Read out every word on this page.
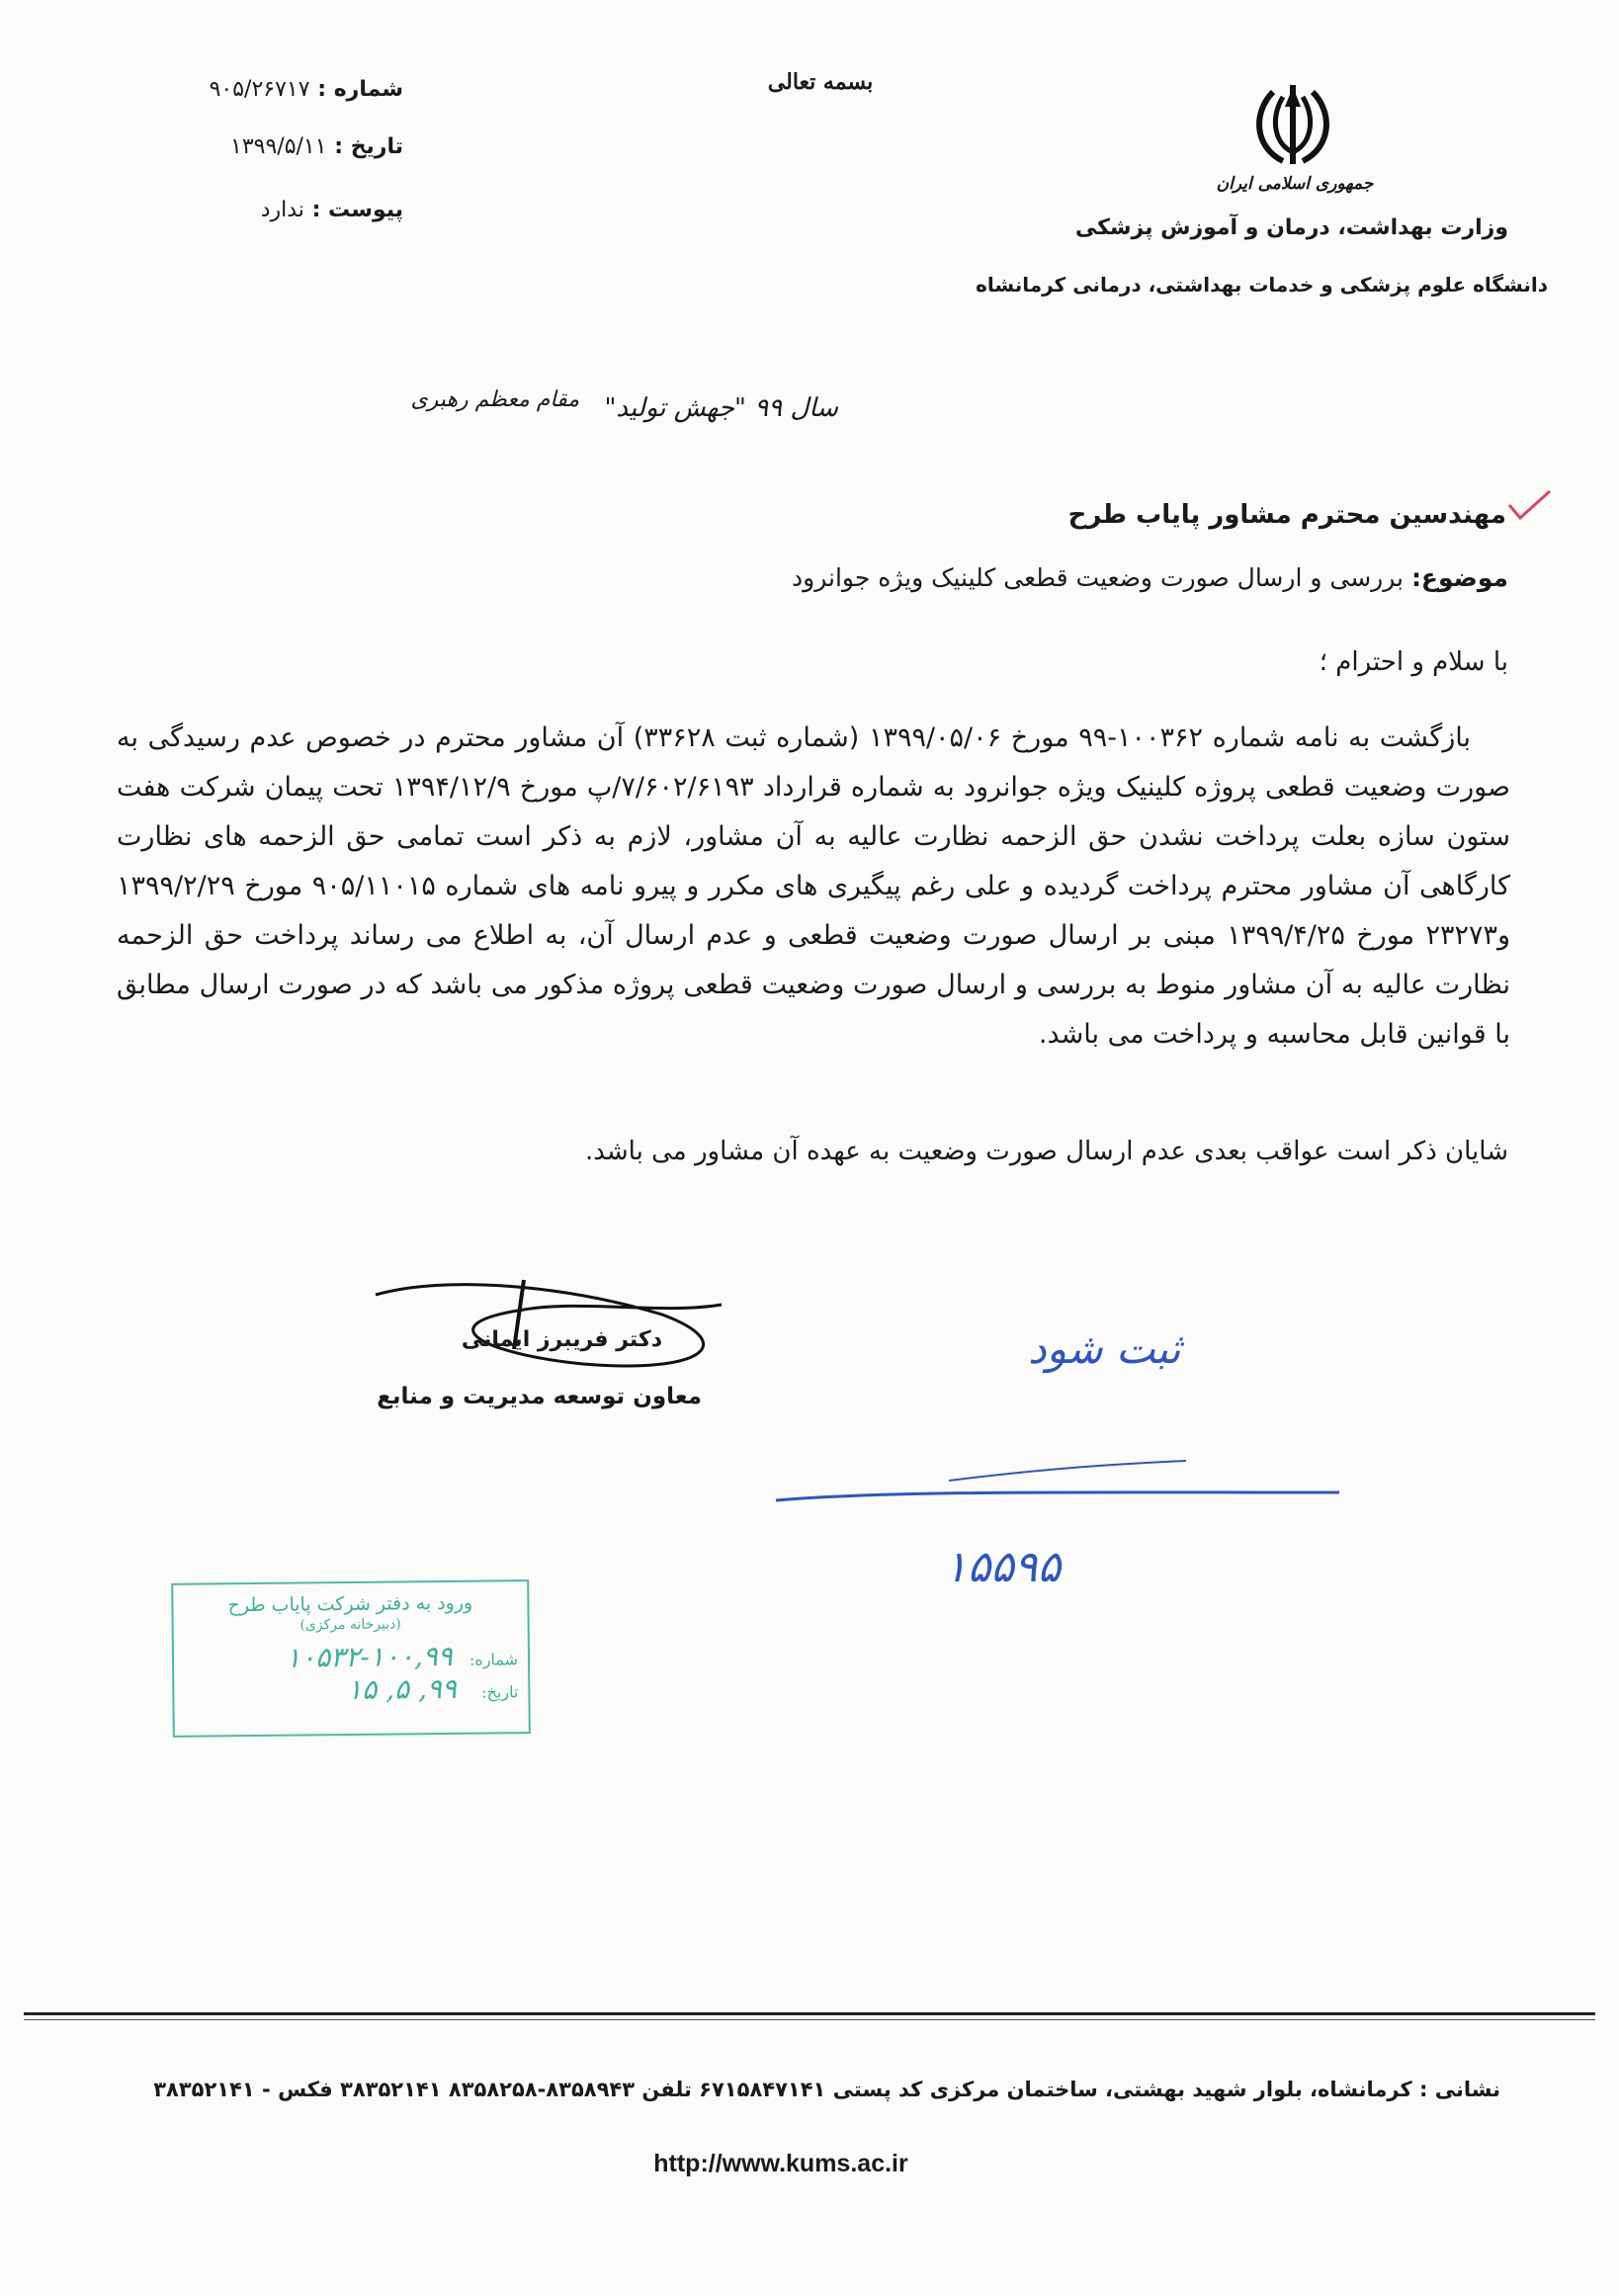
بسمه تعالی
شماره : ۹۰۵/۲۶۷۱۷
تاریخ : ۱۳۹۹/۵/۱۱
پیوست : ندارد
جمهوری اسلامی ایران
وزارت بهداشت، درمان و آموزش پزشکی
دانشگاه علوم پزشکی و خدمات بهداشتی، درمانی کرمانشاه
سال ۹۹ "جهش تولید"
مقام معظم رهبری
مهندسین محترم مشاور پایاب طرح
موضوع: بررسی و ارسال صورت وضعیت قطعی کلینیک ویژه جوانرود
با سلام و احترام ؛
بازگشت به نامه شماره ۱۰۰۳۶۲-۹۹ مورخ ۱۳۹۹/۰۵/۰۶ (شماره ثبت ۳۳۶۲۸) آن مشاور محترم در خصوص عدم رسیدگی به صورت وضعیت قطعی پروژه کلینیک ویژه جوانرود به شماره قرارداد ۷/۶۰۲/۶۱۹۳/پ مورخ ۱۳۹۴/۱۲/۹ تحت پیمان شرکت هفت ستون سازه بعلت پرداخت نشدن حق الزحمه نظارت عالیه به آن مشاور، لازم به ذکر است تمامی حق الزحمه های نظارت کارگاهی آن مشاور محترم پرداخت گردیده و علی رغم پیگیری های مکرر و پیرو نامه های شماره ۹۰۵/۱۱۰۱۵ مورخ ۱۳۹۹/۲/۲۹ و۲۳۲۷۳ مورخ ۱۳۹۹/۴/۲۵ مبنی بر ارسال صورت وضعیت قطعی و عدم ارسال آن، به اطلاع می رساند پرداخت حق الزحمه نظارت عالیه به آن مشاور منوط به بررسی و ارسال صورت وضعیت قطعی پروژه مذکور می باشد که در صورت ارسال مطابق با قوانین قابل محاسبه و پرداخت می باشد.
شایان ذکر است عواقب بعدی عدم ارسال صورت وضعیت به عهده آن مشاور می باشد.
دکتر فریبرز ایمانی
معاون توسعه مدیریت و منابع
ثبت شود
۱۵۵۹۵
ورود به دفتر شرکت پایاب طرح
(دبیرخانه مرکزی)
شماره: ۱۰۰,۹۹-۱۰۵۳۲
تاریخ: ۹۹, ۵, ۱۵
نشانی : کرمانشاه، بلوار شهید بهشتی، ساختمان مرکزی کد پستی ۶۷۱۵۸۴۷۱۴۱ تلفن ۸۳۵۸۹۴۳-۸۳۵۸۲۵۸ ۳۸۳۵۲۱۴۱ فکس - ۳۸۳۵۲۱۴۱
http://www.kums.ac.ir
